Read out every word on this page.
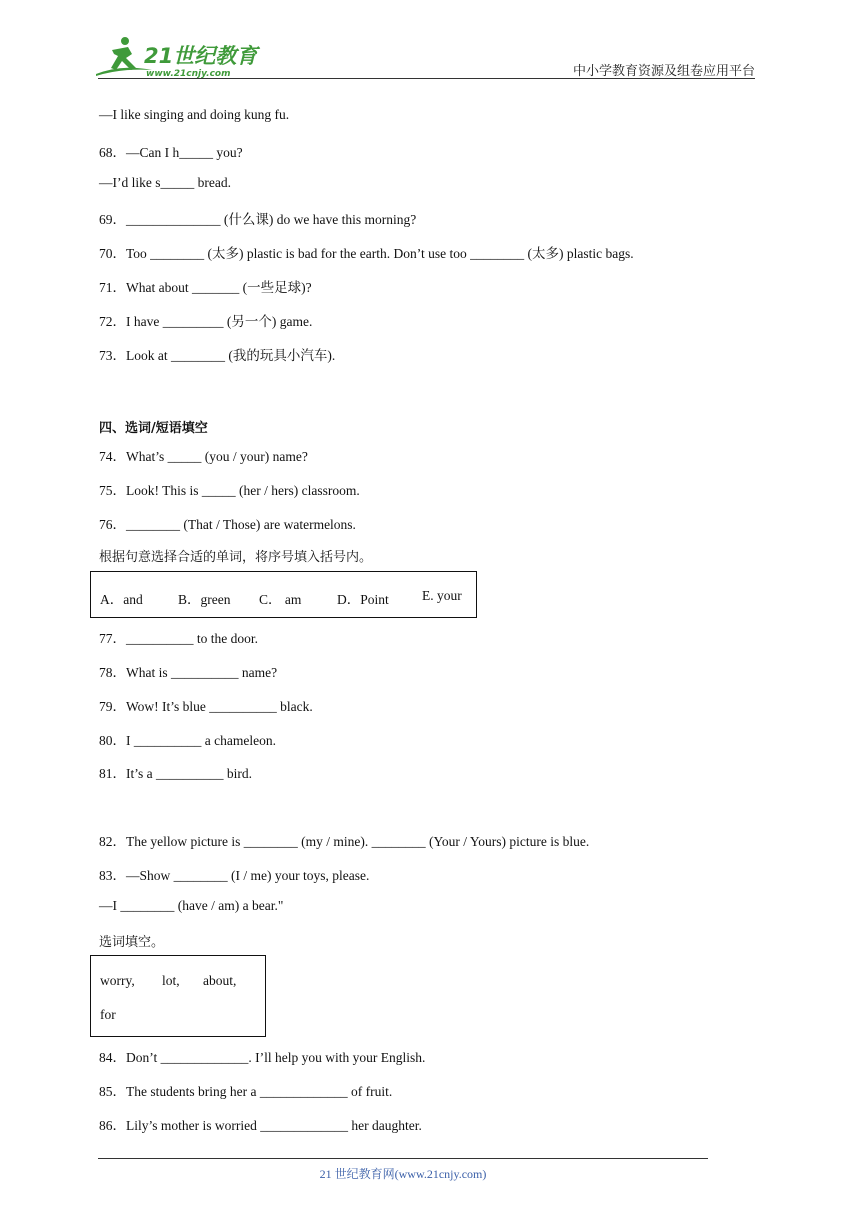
21世纪教育
www.21cnjy.com	中小学教育资源及组卷应用平台
—I like singing and doing kung fu.
68．—Can I h_____ you?
—I’d like s_____ bread.
69．______________ (什么课) do we have this morning?
70．Too ________ (太多) plastic is bad for the earth. Don’t use too ________ (太多) plastic bags.
71．What about _______ (一些足球)?
72．I have _________ (另一个) game.
73．Look at ________ (我的玩具小汽车).
四、选词/短语填空
74．What’s _____ (you / your) name?
75．Look! This is _____ (her / hers) classroom.
76．________ (That / Those) are watermelons.
根据句意选择合适的单词，将序号填入括号内。
A．and	B．green C． am	D．Point E. your
77．__________ to the door.
78．What is __________ name?
79．Wow! It’s blue __________ black.
80．I __________ a chameleon.
81．It’s a __________ bird.
82．The yellow picture is ________ (my / mine). ________ (Your / Yours) picture is blue.
83．—Show ________ (I / me) your toys, please.
—I ________ (have / am) a bear."
选词填空。
worry, lot, about,
for
84．Don’t _____________. I’ll help you with your English.
85．The students bring her a _____________ of fruit.
86．Lily’s mother is worried _____________ her daughter.
21 世纪教育网(www.21cnjy.com)
